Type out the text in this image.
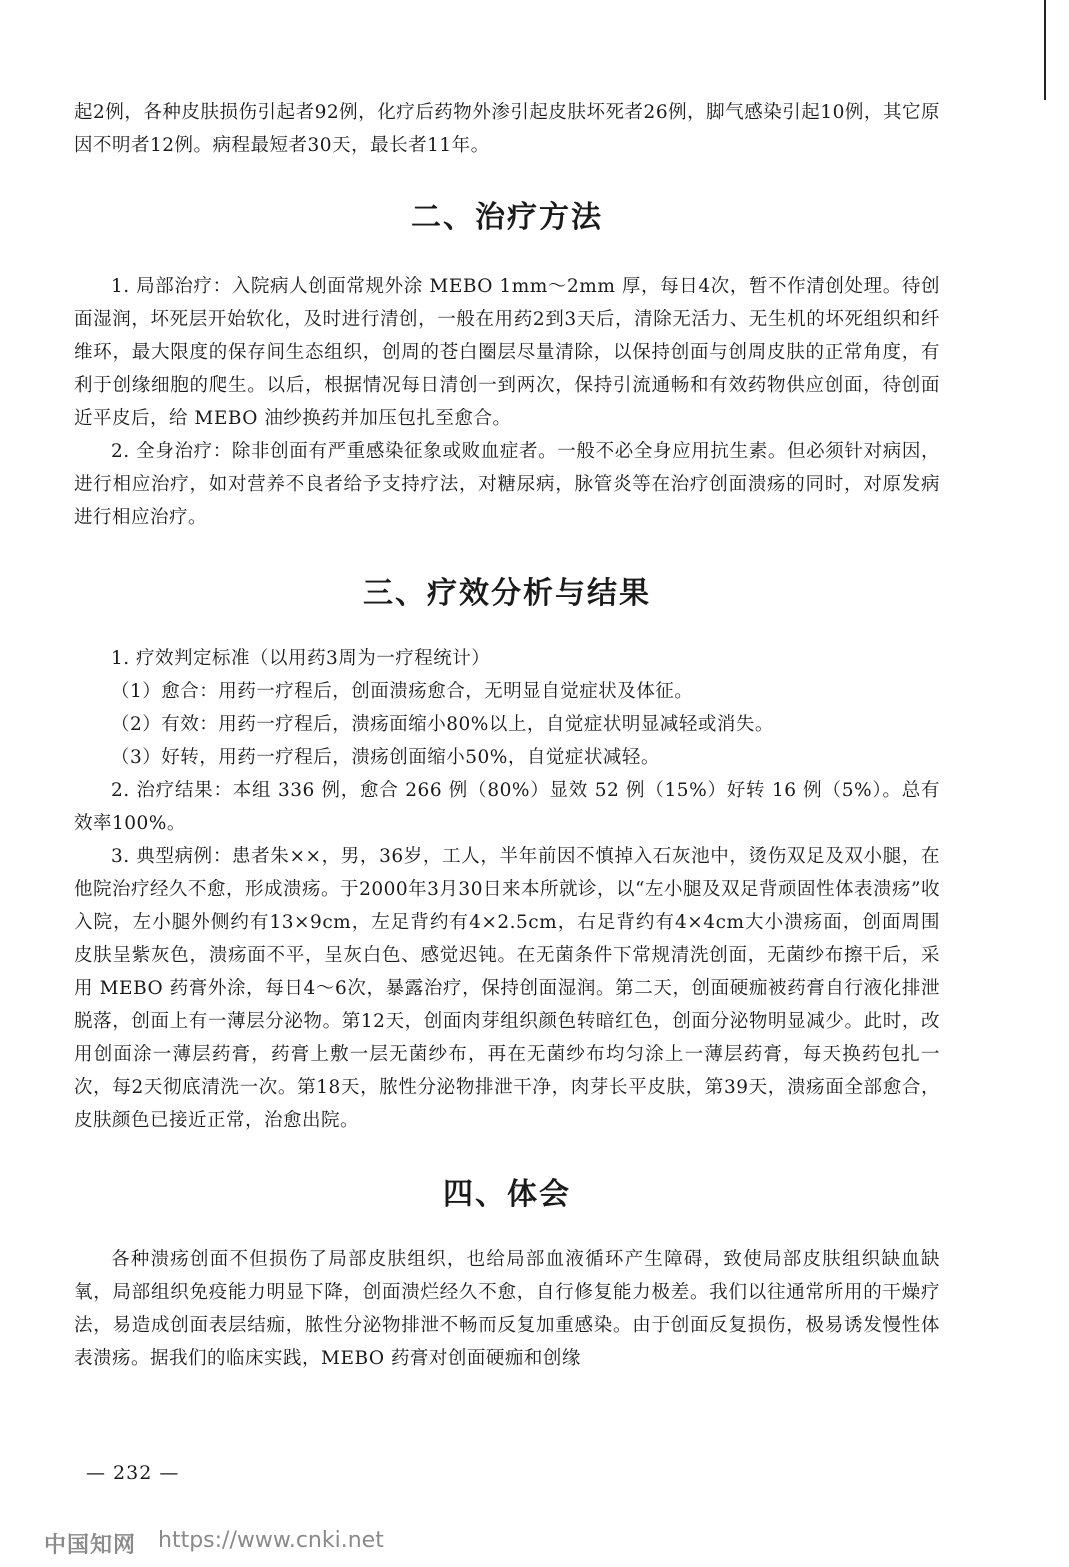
起2例，各种皮肤损伤引起者92例，化疗后药物外渗引起皮肤坏死者26例，脚气感染引起10例，其它原因不明者12例。病程最短者30天，最长者11年。

二、治疗方法

1. 局部治疗：入院病人创面常规外涂 MEBO 1mm～2mm 厚，每日4次，暂不作清创处理。待创面湿润，坏死层开始软化，及时进行清创，一般在用药2到3天后，清除无活力、无生机的坏死组织和纤维环，最大限度的保存间生态组织，创周的苍白圈层尽量清除，以保持创面与创周皮肤的正常角度，有利于创缘细胞的爬生。以后，根据情况每日清创一到两次，保持引流通畅和有效药物供应创面，待创面近平皮后，给 MEBO 油纱换药并加压包扎至愈合。

2. 全身治疗：除非创面有严重感染征象或败血症者。一般不必全身应用抗生素。但必须针对病因，进行相应治疗，如对营养不良者给予支持疗法，对糖尿病，脉管炎等在治疗创面溃疡的同时，对原发病进行相应治疗。

三、疗效分析与结果

1. 疗效判定标准（以用药3周为一疗程统计）

（1）愈合：用药一疗程后，创面溃疡愈合，无明显自觉症状及体征。

（2）有效：用药一疗程后，溃疡面缩小80%以上，自觉症状明显减轻或消失。

（3）好转，用药一疗程后，溃疡创面缩小50%，自觉症状减轻。

2. 治疗结果：本组 336 例，愈合 266 例（80%）显效 52 例（15%）好转 16 例（5%）。总有效率100%。

3. 典型病例：患者朱××，男，36岁，工人，半年前因不慎掉入石灰池中，烫伤双足及双小腿，在他院治疗经久不愈，形成溃疡。于2000年3月30日来本所就诊，以“左小腿及双足背顽固性体表溃疡”收入院，左小腿外侧约有13×9cm，左足背约有4×2.5cm，右足背约有4×4cm大小溃疡面，创面周围皮肤呈紫灰色，溃疡面不平，呈灰白色、感觉迟钝。在无菌条件下常规清洗创面，无菌纱布擦干后，采用 MEBO 药膏外涂，每日4～6次，暴露治疗，保持创面湿润。第二天，创面硬痂被药膏自行液化排泄脱落，创面上有一薄层分泌物。第12天，创面肉芽组织颜色转暗红色，创面分泌物明显减少。此时，改用创面涂一薄层药膏，药膏上敷一层无菌纱布，再在无菌纱布均匀涂上一薄层药膏，每天换药包扎一次，每2天彻底清洗一次。第18天，脓性分泌物排泄干净，肉芽长平皮肤，第39天，溃疡面全部愈合，皮肤颜色已接近正常，治愈出院。

四、体会

各种溃疡创面不但损伤了局部皮肤组织，也给局部血液循环产生障碍，致使局部皮肤组织缺血缺氧，局部组织免疫能力明显下降，创面溃烂经久不愈，自行修复能力极差。我们以往通常所用的干燥疗法，易造成创面表层结痂，脓性分泌物排泄不畅而反复加重感染。由于创面反复损伤，极易诱发慢性体表溃疡。据我们的临床实践，MEBO 药膏对创面硬痂和创缘

— 232 —
中国知网 https://www.cnki.net
